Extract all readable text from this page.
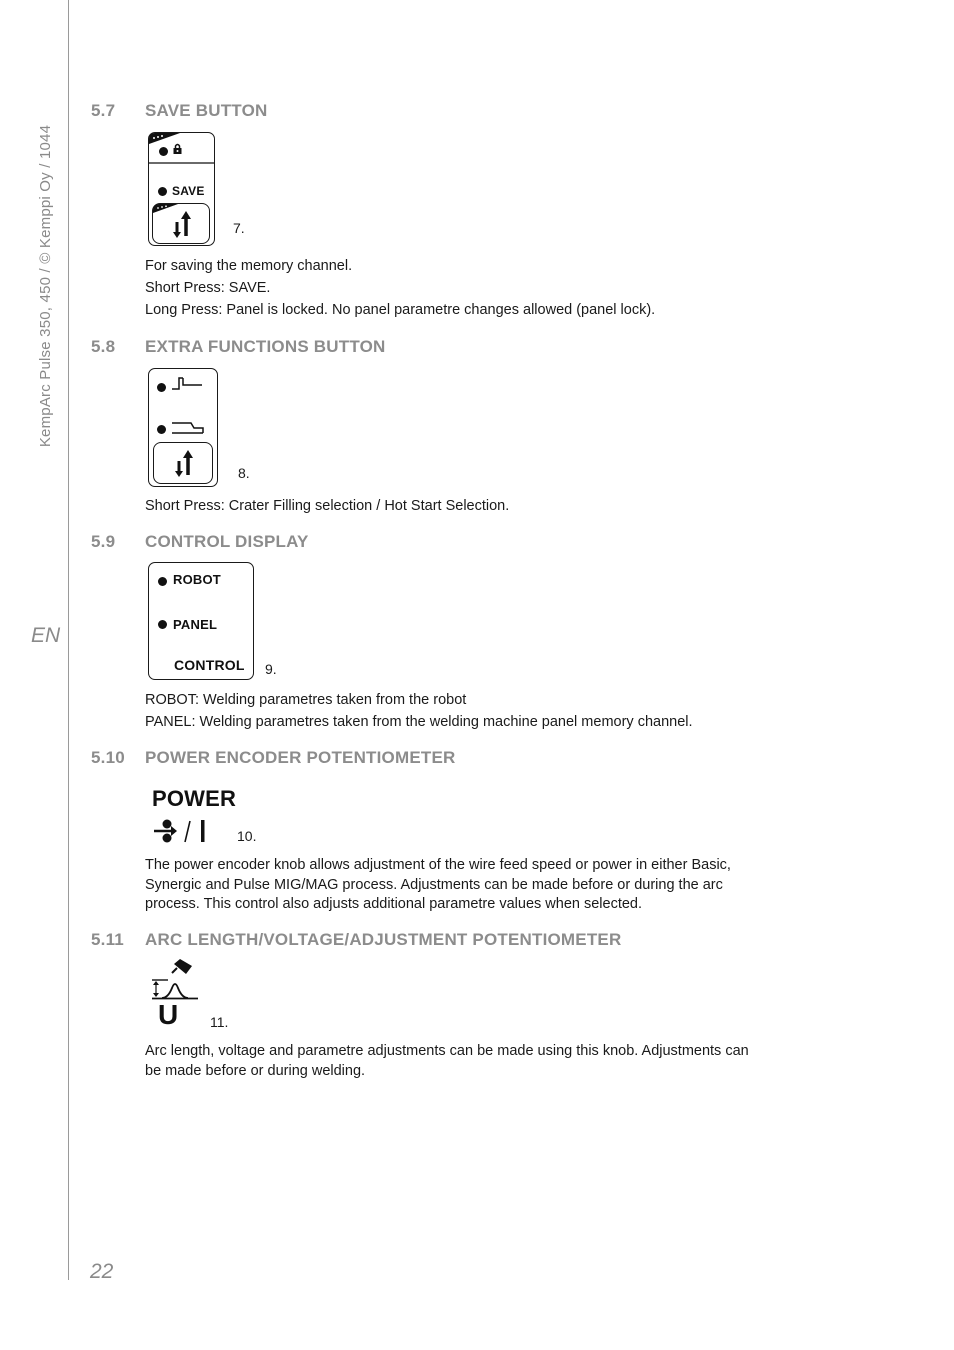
KempArc Pulse 350, 450 / © Kemppi Oy / 1044
EN
22
5.7 SAVE BUTTON
SAVE
7.
For saving the memory channel.
Short Press: SAVE.
Long Press: Panel is locked. No panel parametre changes allowed (panel lock).
5.8 EXTRA FUNCTIONS BUTTON
8.
Short Press: Crater Filling selection / Hot Start Selection.
5.9 CONTROL DISPLAY
ROBOT
PANEL
CONTROL 9.
ROBOT: Welding parametres taken from the robot
PANEL: Welding parametres taken from the welding machine panel memory channel.
5.10 POWER ENCODER POTENTIOMETER
POWER
10.
The power encoder knob allows adjustment of the wire feed speed or power in either Basic, Synergic and Pulse MIG/MAG process. Adjustments can be made before or during the arc process. This control also adjusts additional parametre values when selected.
5.11 ARC LENGTH/VOLTAGE/ADJUSTMENT POTENTIOMETER
U 11.
Arc length, voltage and parametre adjustments can be made using this knob. Adjustments can be made before or during welding.
